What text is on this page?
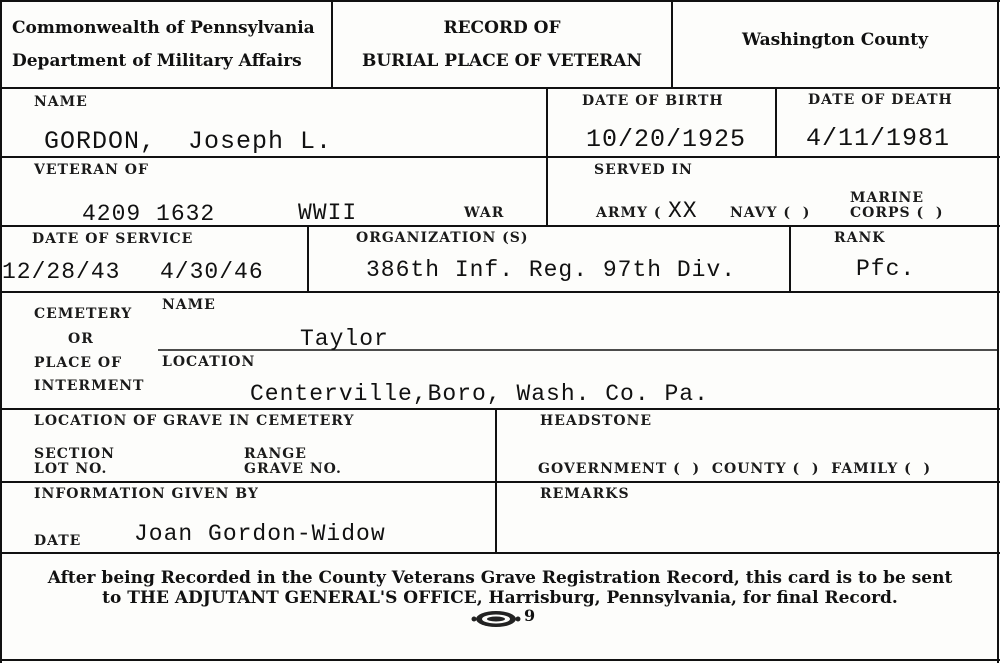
Commonwealth of Pennsylvania
Department of Military Affairs
RECORD OF
BURIAL PLACE OF VETERAN
Washington County
NAME
GORDON,  Joseph L.
DATE OF BIRTH
10/20/1925
DATE OF DEATH
4/11/1981
VETERAN OF
4209 1632	WWII	WAR
SERVED IN
ARMY ( XX NAVY (  )
MARINE
CORPS (  )
DATE OF SERVICE
12/28/43 4/30/46
ORGANIZATION (S)
386th Inf. Reg. 97th Div.
RANK
Pfc.
CEMETERY
OR
PLACE OF
INTERMENT
NAME
Taylor
LOCATION
Centerville,Boro, Wash. Co. Pa.
LOCATION OF GRAVE IN CEMETERY
SECTION
LOT NO.
RANGE
GRAVE NO.
HEADSTONE
GOVERNMENT (  )  COUNTY (  )  FAMILY (  )
INFORMATION GIVEN BY
DATE Joan Gordon-Widow
REMARKS
After being Recorded in the County Veterans Grave Registration Record, this card is to be sent
to THE ADJUTANT GENERAL'S OFFICE, Harrisburg, Pennsylvania, for final Record.
9
